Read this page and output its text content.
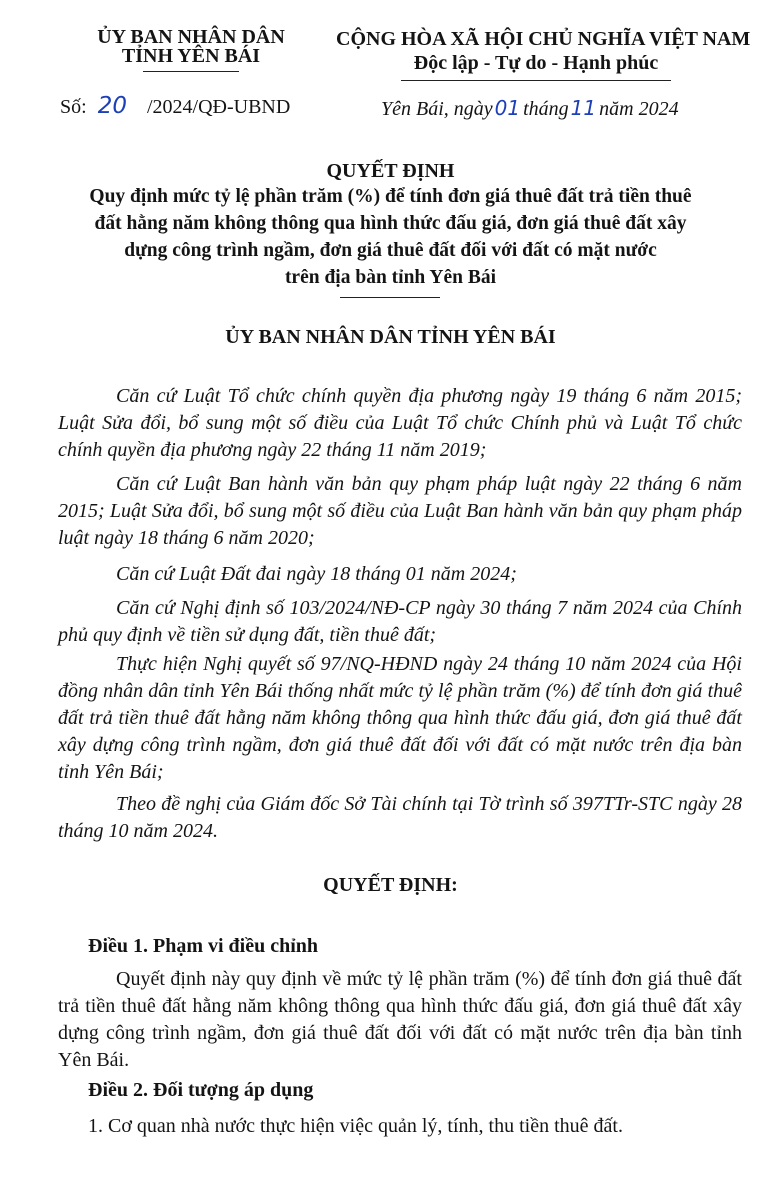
ỦY BAN NHÂN DÂN
TỈNH YÊN BÁI
CỘNG HÒA XÃ HỘI CHỦ NGHĨA VIỆT NAM
Độc lập - Tự do - Hạnh phúc
Số: 20 /2024/QĐ-UBND	Yên Bái, ngày 01 tháng 11 năm 2024
QUYẾT ĐỊNH
Quy định mức tỷ lệ phần trăm (%) để tính đơn giá thuê đất trả tiền thuê
đất hằng năm không thông qua hình thức đấu giá, đơn giá thuê đất xây
dựng công trình ngầm, đơn giá thuê đất đối với đất có mặt nước
trên địa bàn tỉnh Yên Bái
ỦY BAN NHÂN DÂN TỈNH YÊN BÁI
Căn cứ Luật Tổ chức chính quyền địa phương ngày 19 tháng 6 năm 2015; Luật Sửa đổi, bổ sung một số điều của Luật Tổ chức Chính phủ và Luật Tổ chức chính quyền địa phương ngày 22 tháng 11 năm 2019;
Căn cứ Luật Ban hành văn bản quy phạm pháp luật ngày 22 tháng 6 năm 2015; Luật Sửa đổi, bổ sung một số điều của Luật Ban hành văn bản quy phạm pháp luật ngày 18 tháng 6 năm 2020;
Căn cứ Luật Đất đai ngày 18 tháng 01 năm 2024;
Căn cứ Nghị định số 103/2024/NĐ-CP ngày 30 tháng 7 năm 2024 của Chính phủ quy định về tiền sử dụng đất, tiền thuê đất;
Thực hiện Nghị quyết số 97/NQ-HĐND ngày 24 tháng 10 năm 2024 của Hội đồng nhân dân tỉnh Yên Bái thống nhất mức tỷ lệ phần trăm (%) để tính đơn giá thuê đất trả tiền thuê đất hằng năm không thông qua hình thức đấu giá, đơn giá thuê đất xây dựng công trình ngầm, đơn giá thuê đất đối với đất có mặt nước trên địa bàn tỉnh Yên Bái;
Theo đề nghị của Giám đốc Sở Tài chính tại Tờ trình số 397TTr-STC ngày 28 tháng 10 năm 2024.
QUYẾT ĐỊNH:
Điều 1. Phạm vi điều chỉnh
Quyết định này quy định về mức tỷ lệ phần trăm (%) để tính đơn giá thuê đất trả tiền thuê đất hằng năm không thông qua hình thức đấu giá, đơn giá thuê đất xây dựng công trình ngầm, đơn giá thuê đất đối với đất có mặt nước trên địa bàn tỉnh Yên Bái.
Điều 2. Đối tượng áp dụng
1. Cơ quan nhà nước thực hiện việc quản lý, tính, thu tiền thuê đất.
